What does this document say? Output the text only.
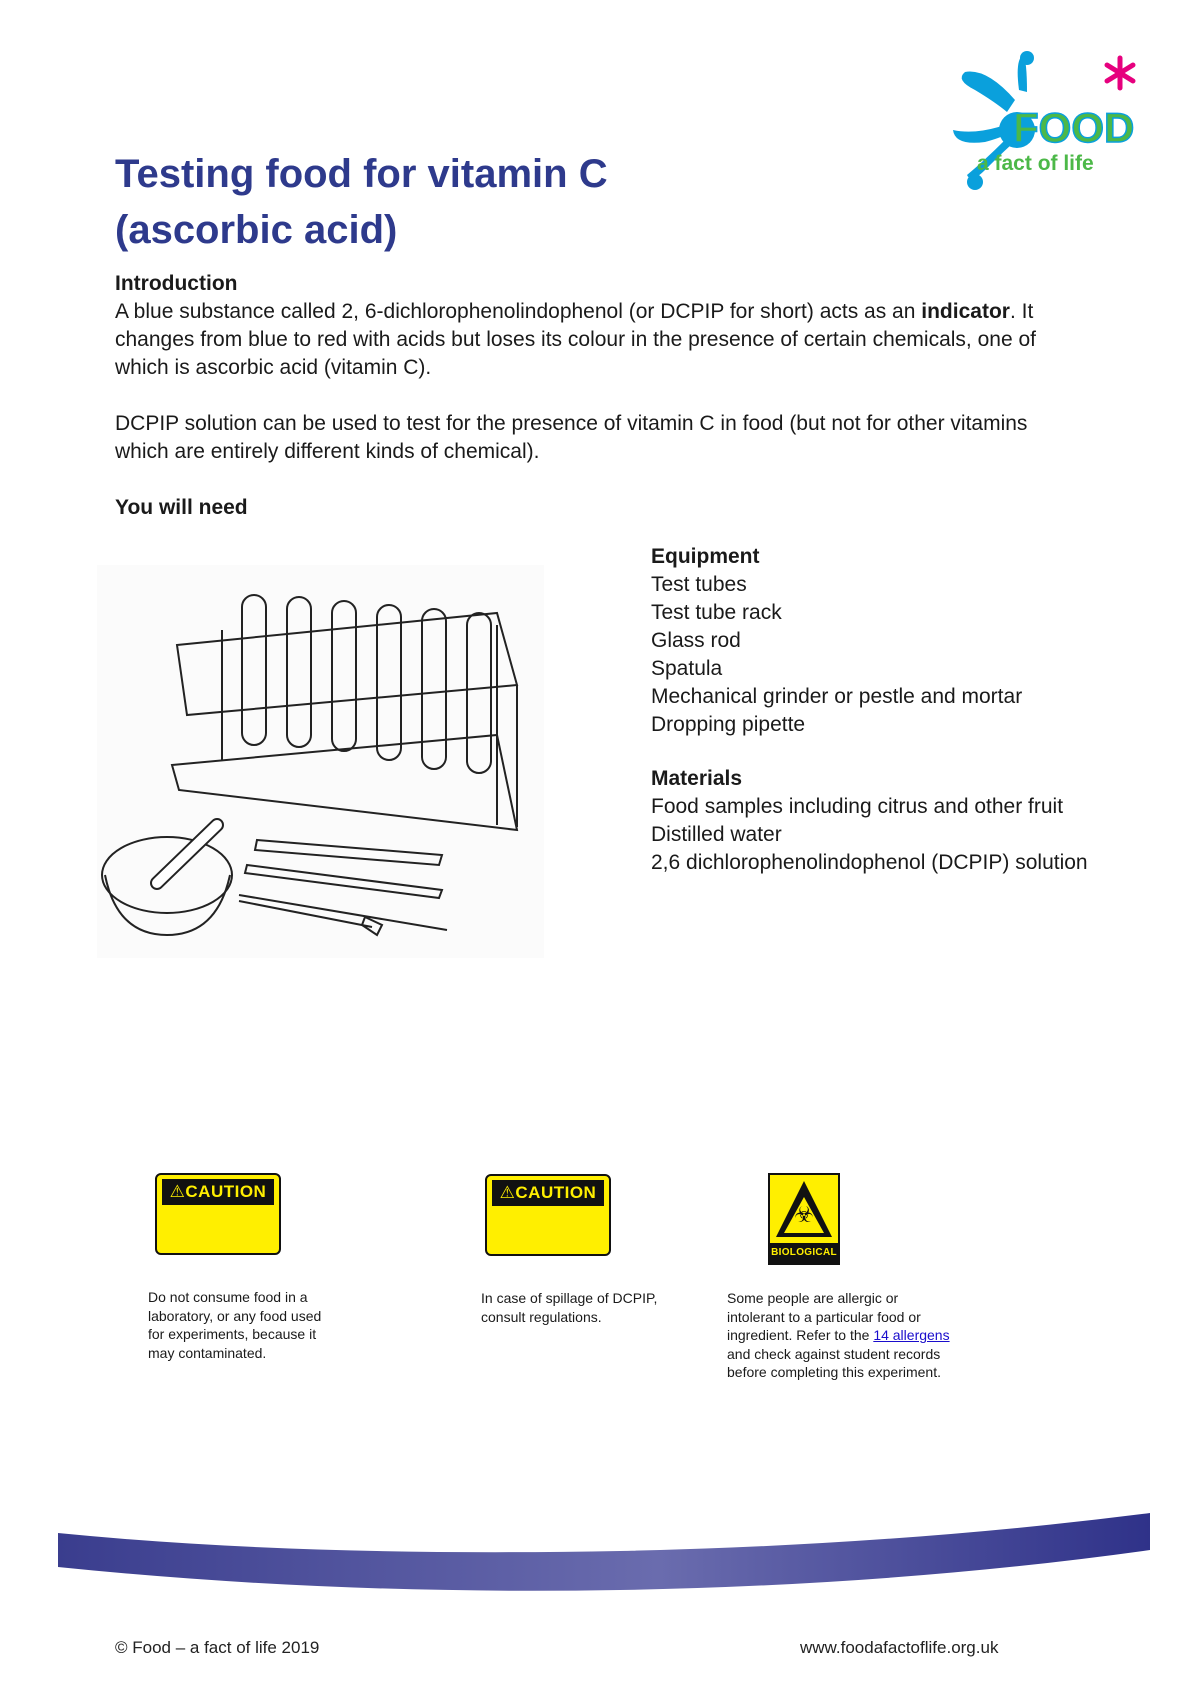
FOOD
a fact of life
Testing food for vitamin C
(ascorbic acid)

Introduction

A blue substance called 2, 6-dichlorophenolindophenol (or DCPIP for short) acts as an indicator. It changes from blue to red with acids but loses its colour in the presence of certain chemicals, one of which is ascorbic acid (vitamin C).

DCPIP solution can be used to test for the presence of vitamin C in food (but not for other vitamins which are entirely different kinds of chemical).

You will need

Equipment

Test tubes
Test tube rack
Glass rod
Spatula
Mechanical grinder or pestle and mortar
Dropping pipette

Materials

Food samples including citrus and other fruit
Distilled water
2,6 dichlorophenolindophenol (DCPIP) solution
⚠CAUTION	⚠CAUTION
☣
BIOLOGICAL

Do not consume food in a laboratory, or any food used for experiments, because it may contaminated.

In case of spillage of DCPIP, consult regulations.

Some people are allergic or intolerant to a particular food or ingredient. Refer to the 14 allergens and check against student records before completing this experiment.

© Food – a fact of life 2019	www.foodafactoflife.org.uk
